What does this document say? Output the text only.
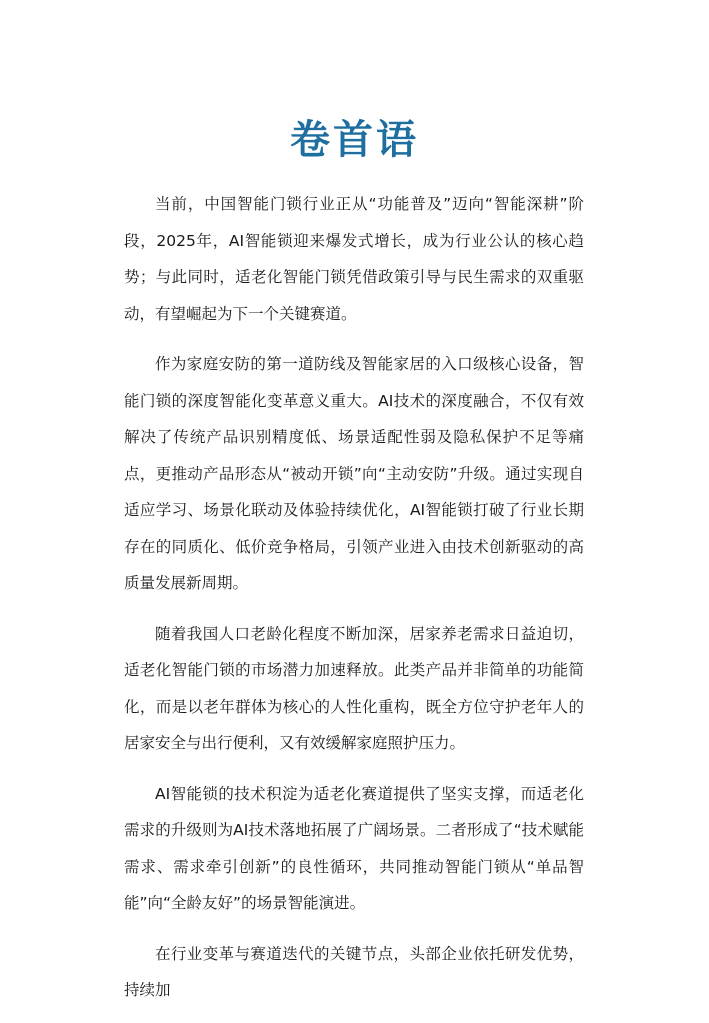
卷首语

当前，中国智能门锁行业正从“功能普及”迈向“智能深耕”阶段，2025年，AI智能锁迎来爆发式增长，成为行业公认的核心趋势；与此同时，适老化智能门锁凭借政策引导与民生需求的双重驱动，有望崛起为下一个关键赛道。

作为家庭安防的第一道防线及智能家居的入口级核心设备，智能门锁的深度智能化变革意义重大。AI技术的深度融合，不仅有效解决了传统产品识别精度低、场景适配性弱及隐私保护不足等痛点，更推动产品形态从“被动开锁”向“主动安防”升级。通过实现自适应学习、场景化联动及体验持续优化，AI智能锁打破了行业长期存在的同质化、低价竞争格局，引领产业进入由技术创新驱动的高质量发展新周期。

随着我国人口老龄化程度不断加深，居家养老需求日益迫切，适老化智能门锁的市场潜力加速释放。此类产品并非简单的功能简化，而是以老年群体为核心的人性化重构，既全方位守护老年人的居家安全与出行便利，又有效缓解家庭照护压力。

AI智能锁的技术积淀为适老化赛道提供了坚实支撑，而适老化需求的升级则为AI技术落地拓展了广阔场景。二者形成了“技术赋能需求、需求牵引创新”的良性循环，共同推动智能门锁从“单品智能”向“全龄友好”的场景智能演进。

在行业变革与赛道迭代的关键节点，头部企业依托研发优势，持续加
